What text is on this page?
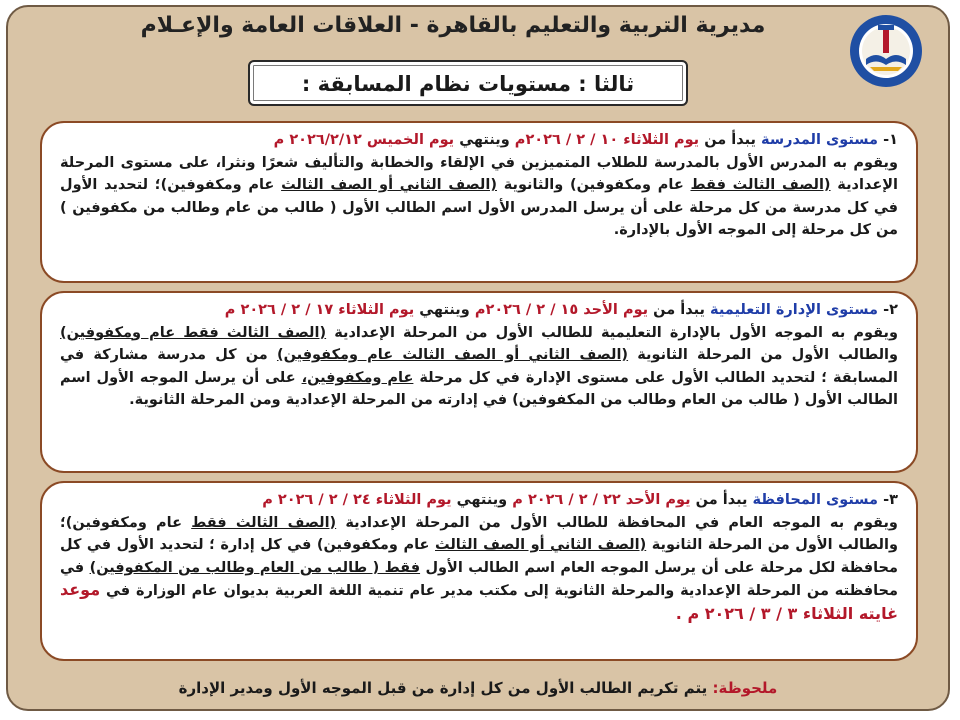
مديرية التربية والتعليم بالقاهرة - العلاقات العامة والإعـلام
ثالثا : مستويات نظام المسابقة :

١- مستوى المدرسة يبدأ من يوم الثلاثاء ١٠ / ٢ / ٢٠٢٦م وينتهي يوم الخميس ٢٠٢٦/٢/١٢ م

ويقوم به المدرس الأول بالمدرسة للطلاب المتميزين في الإلقاء والخطابة والتأليف شعرًا ونثرا، على مستوى المرحلة الإعدادية (الصف الثالث فقط عام ومكفوفين) والثانوية (الصف الثاني أو الصف الثالث عام ومكفوفين)؛ لتحديد الأول في كل مدرسة من كل مرحلة على أن يرسل المدرس الأول اسم الطالب الأول ( طالب من عام وطالب من مكفوفين ) من كل مرحلة إلى الموجه الأول بالإدارة.

٢- مستوى الإدارة التعليمية يبدأ من يوم الأحد ١٥ / ٢ / ٢٠٢٦م وينتهي يوم الثلاثاء ١٧ / ٢ / ٢٠٢٦ م

ويقوم به الموجه الأول بالإدارة التعليمية للطالب الأول من المرحلة الإعدادية (الصف الثالث فقط عام ومكفوفين) والطالب الأول من المرحلة الثانوية (الصف الثاني أو الصف الثالث عام ومكفوفين) من كل مدرسة مشاركة في المسابقة ؛ لتحديد الطالب الأول على مستوى الإدارة في كل مرحلة عام ومكفوفين، على أن يرسل الموجه الأول اسم الطالب الأول ( طالب من العام وطالب من المكفوفين) في إدارته من المرحلة الإعدادية ومن المرحلة الثانوية.

٣- مستوى المحافظة يبدأ من يوم الأحد ٢٢ / ٢ / ٢٠٢٦ م وينتهي يوم الثلاثاء ٢٤ / ٢ / ٢٠٢٦ م

ويقوم به الموجه العام في المحافظة للطالب الأول من المرحلة الإعدادية (الصف الثالث فقط عام ومكفوفين)؛ والطالب الأول من المرحلة الثانوية (الصف الثاني أو الصف الثالث عام ومكفوفين) في كل إدارة ؛ لتحديد الأول في كل محافظة لكل مرحلة على أن يرسل الموجه العام اسم الطالب الأول فقط ( طالب من العام وطالب من المكفوفين) في محافظته من المرحلة الإعدادية والمرحلة الثانوية إلى مكتب مدير عام تنمية اللغة العربية بديوان عام الوزارة في موعد غايته الثلاثاء ٣ / ٣ / ٢٠٢٦ م .

ملحوظة: يتم تكريم الطالب الأول من كل إدارة من قبل الموجه الأول ومدير الإدارة
